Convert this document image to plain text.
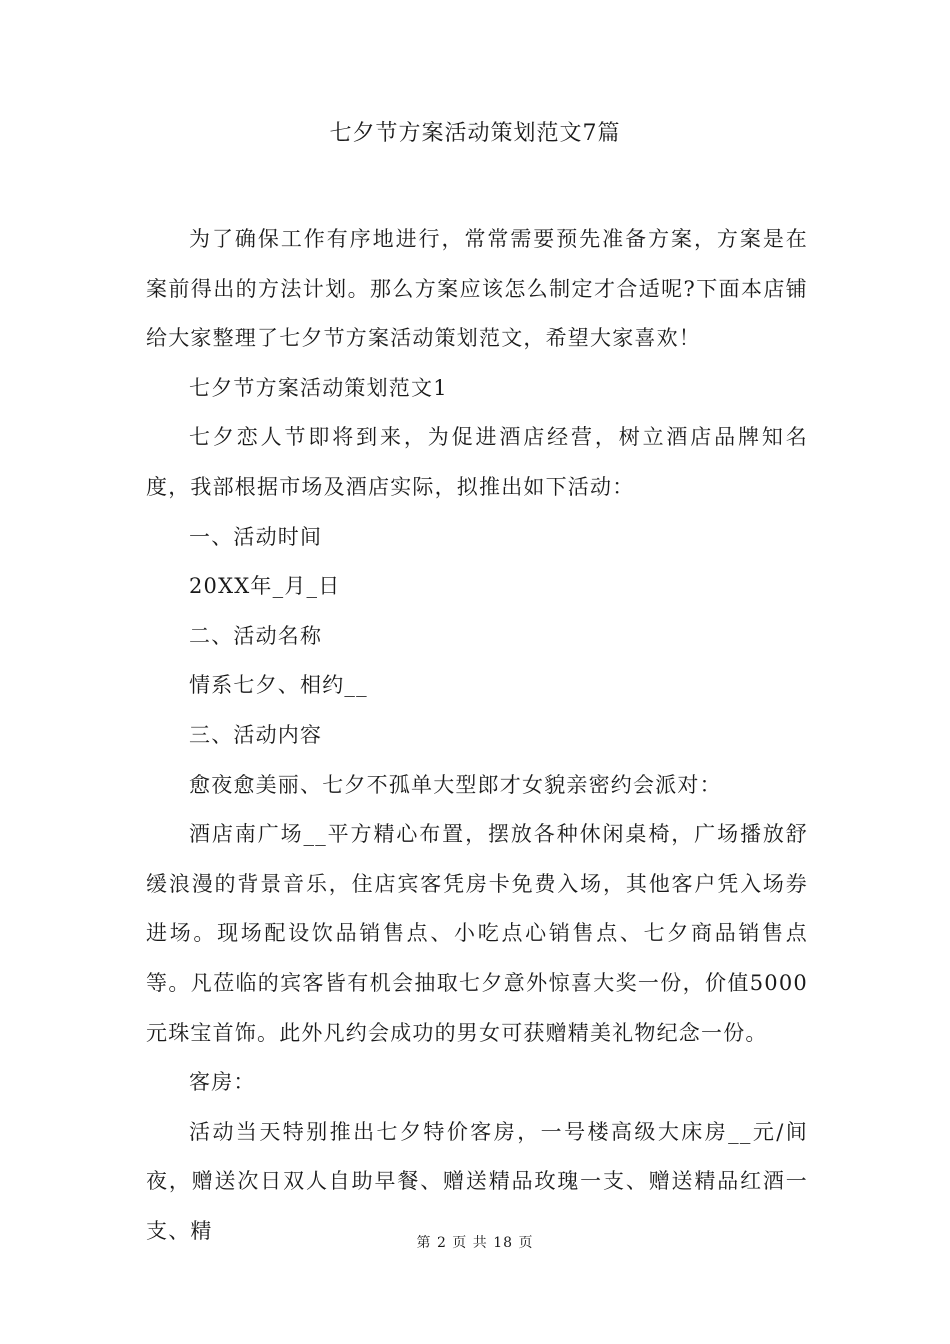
七夕节方案活动策划范文7篇

为了确保工作有序地进行，常常需要预先准备方案，方案是在案前得出的方法计划。那么方案应该怎么制定才合适呢?下面本店铺给大家整理了七夕节方案活动策划范文，希望大家喜欢！

七夕节方案活动策划范文1

七夕恋人节即将到来，为促进酒店经营，树立酒店品牌知名度，我部根据市场及酒店实际，拟推出如下活动：

一、活动时间

20XX年_月_日

二、活动名称

情系七夕、相约__

三、活动内容

愈夜愈美丽、七夕不孤单大型郎才女貌亲密约会派对：

酒店南广场__平方精心布置，摆放各种休闲桌椅，广场播放舒缓浪漫的背景音乐，住店宾客凭房卡免费入场，其他客户凭入场券进场。现场配设饮品销售点、小吃点心销售点、七夕商品销售点等。凡莅临的宾客皆有机会抽取七夕意外惊喜大奖一份，价值5000元珠宝首饰。此外凡约会成功的男女可获赠精美礼物纪念一份。

客房：

活动当天特别推出七夕特价客房，一号楼高级大床房__元/间夜，赠送次日双人自助早餐、赠送精品玫瑰一支、赠送精品红酒一支、精

第 2 页 共 18 页
